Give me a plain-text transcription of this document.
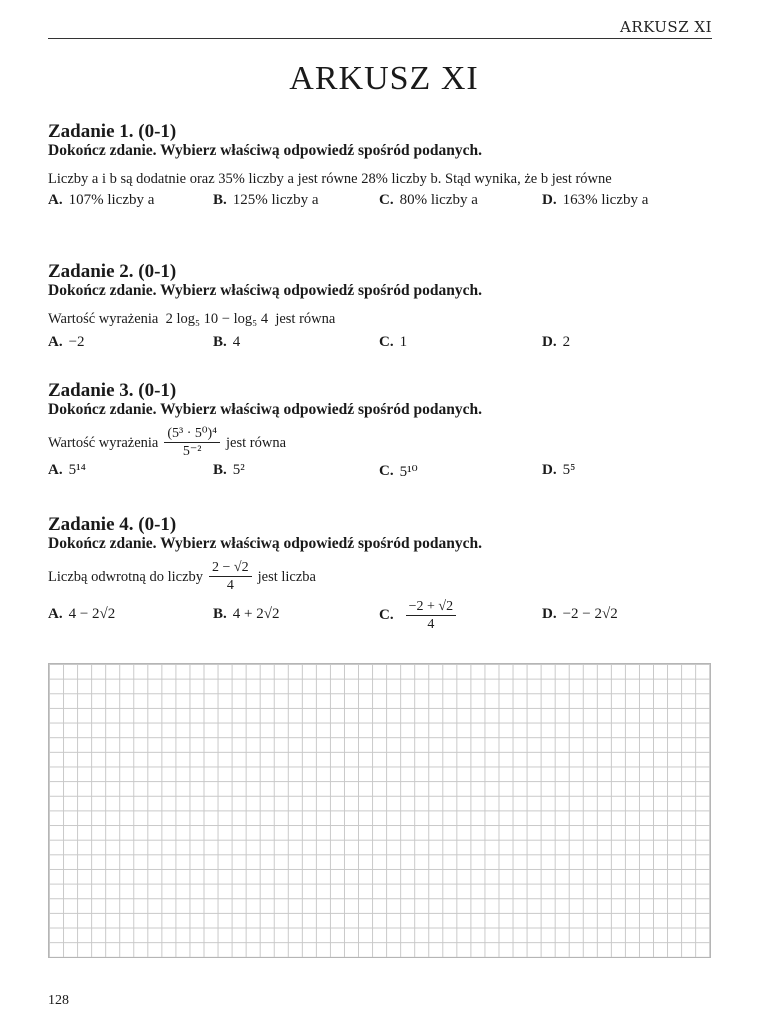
ARKUSZ XI
ARKUSZ XI
Zadanie 1. (0-1)
Dokończ zdanie. Wybierz właściwą odpowiedź spośród podanych.
Liczby a i b są dodatnie oraz 35% liczby a jest równe 28% liczby b. Stąd wynika, że b jest równe
A. 107% liczby a	B. 125% liczby a	C. 80% liczby a	D. 163% liczby a
Zadanie 2. (0-1)
Dokończ zdanie. Wybierz właściwą odpowiedź spośród podanych.
Wartość wyrażenia 2 log₅ 10 − log₅ 4 jest równa
A. −2	B. 4	C. 1	D. 2
Zadanie 3. (0-1)
Dokończ zdanie. Wybierz właściwą odpowiedź spośród podanych.
Wartość wyrażenia $\frac{\text{(5³ · 5⁰)⁴}}{\text{5⁻²}}$ jest równa
A. 5¹⁴	B. 5²	C. 5¹⁰	D. 5⁵
Zadanie 4. (0-1)
Dokończ zdanie. Wybierz właściwą odpowiedź spośród podanych.
Liczbą odwrotną do liczby $\frac{2 - √2}{4}$ jest liczba
A. 4 − 2√2	B. 4 + 2√2	C. $\frac{-2 + √2}{4}$	D. −2 − 2√2
128
